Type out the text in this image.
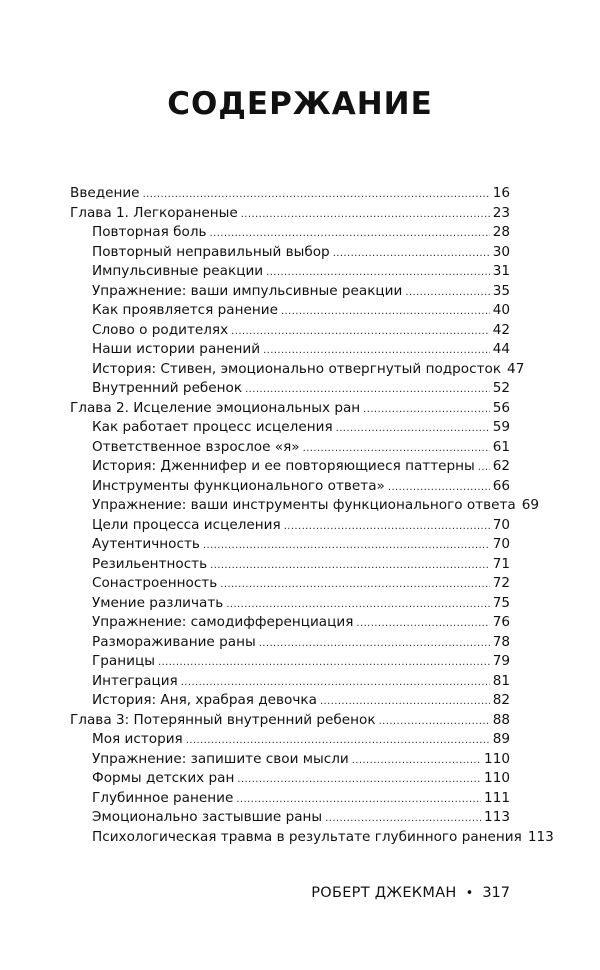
СОДЕРЖАНИЕ
Введение .....	16
Глава 1. Легкораненые .....	23
Повторная боль .....	28
Повторный неправильный выбор .....	30
Импульсивные реакции .....	31
Упражнение: ваши импульсивные реакции .....	35
Как проявляется ранение .....	40
Слово о родителях .....	42
Наши истории ранений .....	44
История: Стивен, эмоционально отвергнутый подросток 47
Внутренний ребенок .....	52
Глава 2. Исцеление эмоциональных ран .....	56
Как работает процесс исцеления .....	59
Ответственное взрослое «я» .....	61
История: Дженнифер и ее повторяющиеся паттерны ..... 62
Инструменты функционального ответа» .....	66
Упражнение: ваши инструменты функционального ответа 69
Цели процесса исцеления .....	70
Аутентичность .....	70
Резильентность .....	71
Сонастроенность .....	72
Умение различать .....	75
Упражнение: самодифференциация .....	76
Размораживание раны .....	78
Границы .....	79
Интеграция .....	81
История: Аня, храбрая девочка .....	82
Глава 3: Потерянный внутренний ребенок .....	88
Моя история .....	89
Упражнение: запишите свои мысли .....	110
Формы детских ран .....	110
Глубинное ранение .....	111
Эмоционально застывшие раны .....	113
Психологическая травма в результате глубинного ранения 113
РОБЕРТ ДЖЕКМАН • 317
